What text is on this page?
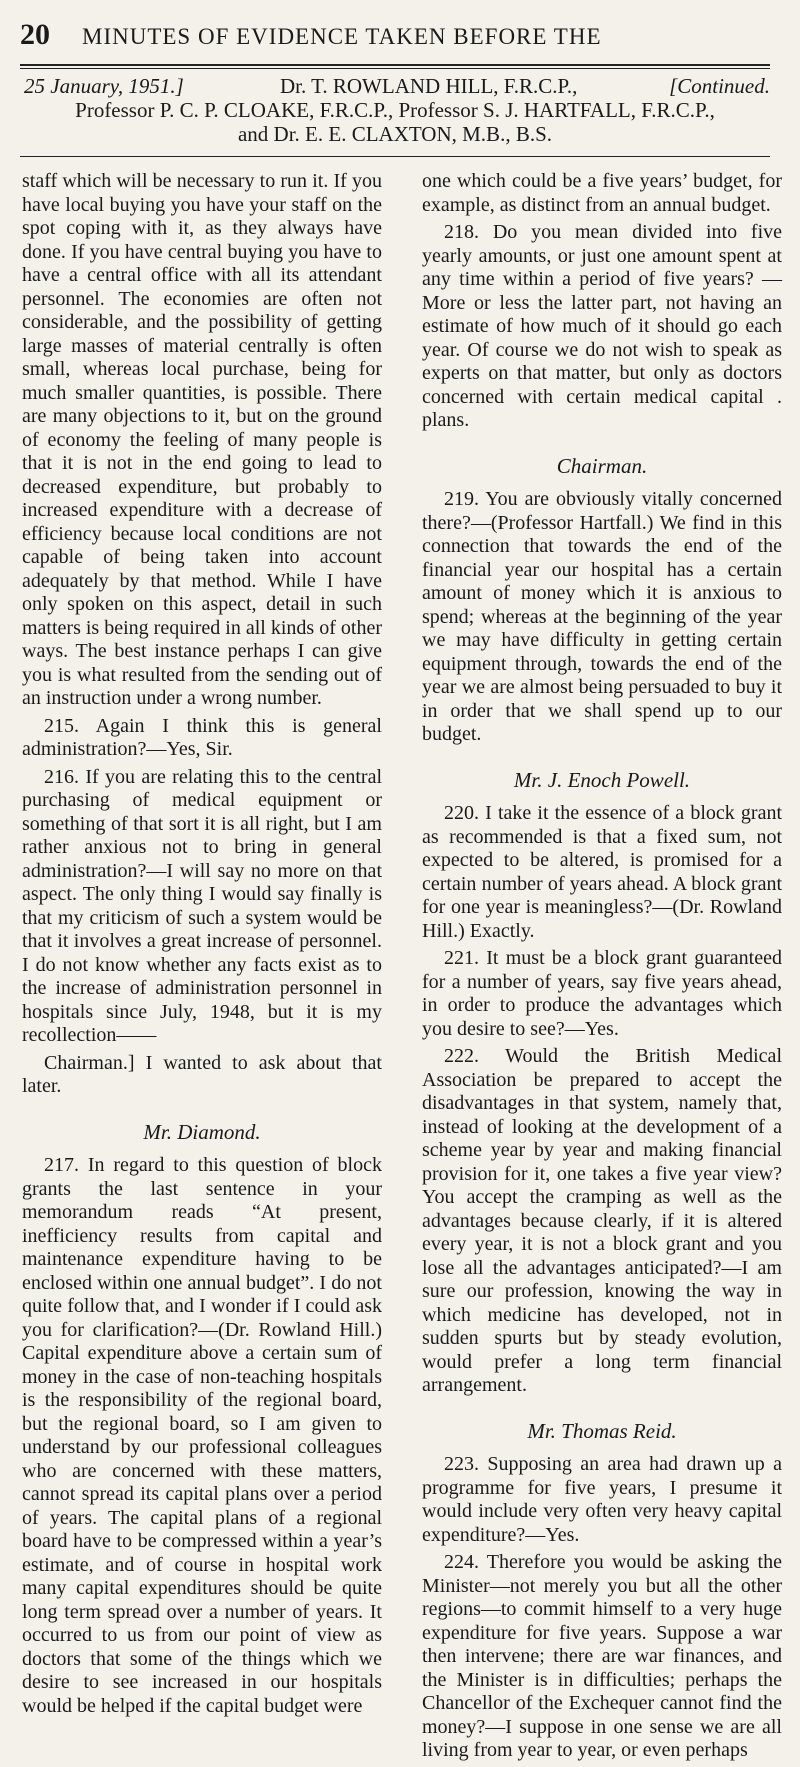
20 MINUTES OF EVIDENCE TAKEN BEFORE THE
25 January, 1951.]	Dr. T. ROWLAND HILL, F.R.C.P.,	[Continued.
Professor P. C. P. CLOAKE, F.R.C.P., Professor S. J. HARTFALL, F.R.C.P.,
and Dr. E. E. CLAXTON, M.B., B.S.

staff which will be necessary to run it. If you have local buying you have your staff on the spot coping with it, as they always have done. If you have central buying you have to have a central office with all its attendant personnel. The economies are often not considerable, and the possibility of getting large masses of material centrally is often small, whereas local purchase, being for much smaller quantities, is possible. There are many objections to it, but on the ground of economy the feeling of many people is that it is not in the end going to lead to decreased expenditure, but probably to increased expenditure with a decrease of efficiency because local conditions are not capable of being taken into account adequately by that method. While I have only spoken on this aspect, detail in such matters is being required in all kinds of other ways. The best instance perhaps I can give you is what resulted from the sending out of an instruction under a wrong number.

215. Again I think this is general administration?—Yes, Sir.

216. If you are relating this to the central purchasing of medical equipment or something of that sort it is all right, but I am rather anxious not to bring in general administration?—I will say no more on that aspect. The only thing I would say finally is that my criticism of such a system would be that it involves a great increase of personnel. I do not know whether any facts exist as to the increase of administration personnel in hospitals since July, 1948, but it is my recollection——

Chairman.] I wanted to ask about that later.

Mr. Diamond.

217. In regard to this question of block grants the last sentence in your memorandum reads “At present, inefficiency results from capital and maintenance expenditure having to be enclosed within one annual budget”. I do not quite follow that, and I wonder if I could ask you for clarification?—(Dr. Rowland Hill.) Capital expenditure above a certain sum of money in the case of non-teaching hospitals is the responsibility of the regional board, but the regional board, so I am given to understand by our professional colleagues who are concerned with these matters, cannot spread its capital plans over a period of years. The capital plans of a regional board have to be compressed within a year’s estimate, and of course in hospital work many capital expenditures should be quite long term spread over a number of years. It occurred to us from our point of view as doctors that some of the things which we desire to see increased in our hospitals would be helped if the capital budget were

one which could be a five years’ budget, for example, as distinct from an annual budget.

218. Do you mean divided into five yearly amounts, or just one amount spent at any time within a period of five years? —More or less the latter part, not having an estimate of how much of it should go each year. Of course we do not wish to speak as experts on that matter, but only as doctors concerned with certain medical capital . plans.

Chairman.

219. You are obviously vitally concerned there?—(Professor Hartfall.) We find in this connection that towards the end of the financial year our hospital has a certain amount of money which it is anxious to spend; whereas at the beginning of the year we may have difficulty in getting certain equipment through, towards the end of the year we are almost being persuaded to buy it in order that we shall spend up to our budget.

Mr. J. Enoch Powell.

220. I take it the essence of a block grant as recommended is that a fixed sum, not expected to be altered, is promised for a certain number of years ahead. A block grant for one year is meaningless?—(Dr. Rowland Hill.) Exactly.

221. It must be a block grant guaranteed for a number of years, say five years ahead, in order to produce the advantages which you desire to see?—Yes.

222. Would the British Medical Association be prepared to accept the disadvantages in that system, namely that, instead of looking at the development of a scheme year by year and making financial provision for it, one takes a five year view? You accept the cramping as well as the advantages because clearly, if it is altered every year, it is not a block grant and you lose all the advantages anticipated?—I am sure our profession, knowing the way in which medicine has developed, not in sudden spurts but by steady evolution, would prefer a long term financial arrangement.

Mr. Thomas Reid.

223. Supposing an area had drawn up a programme for five years, I presume it would include very often very heavy capital expenditure?—Yes.

224. Therefore you would be asking the Minister—not merely you but all the other regions—to commit himself to a very huge expenditure for five years. Suppose a war then intervene; there are war finances, and the Minister is in difficulties; perhaps the Chancellor of the Exchequer cannot find the money?—I suppose in one sense we are all living from year to year, or even perhaps
